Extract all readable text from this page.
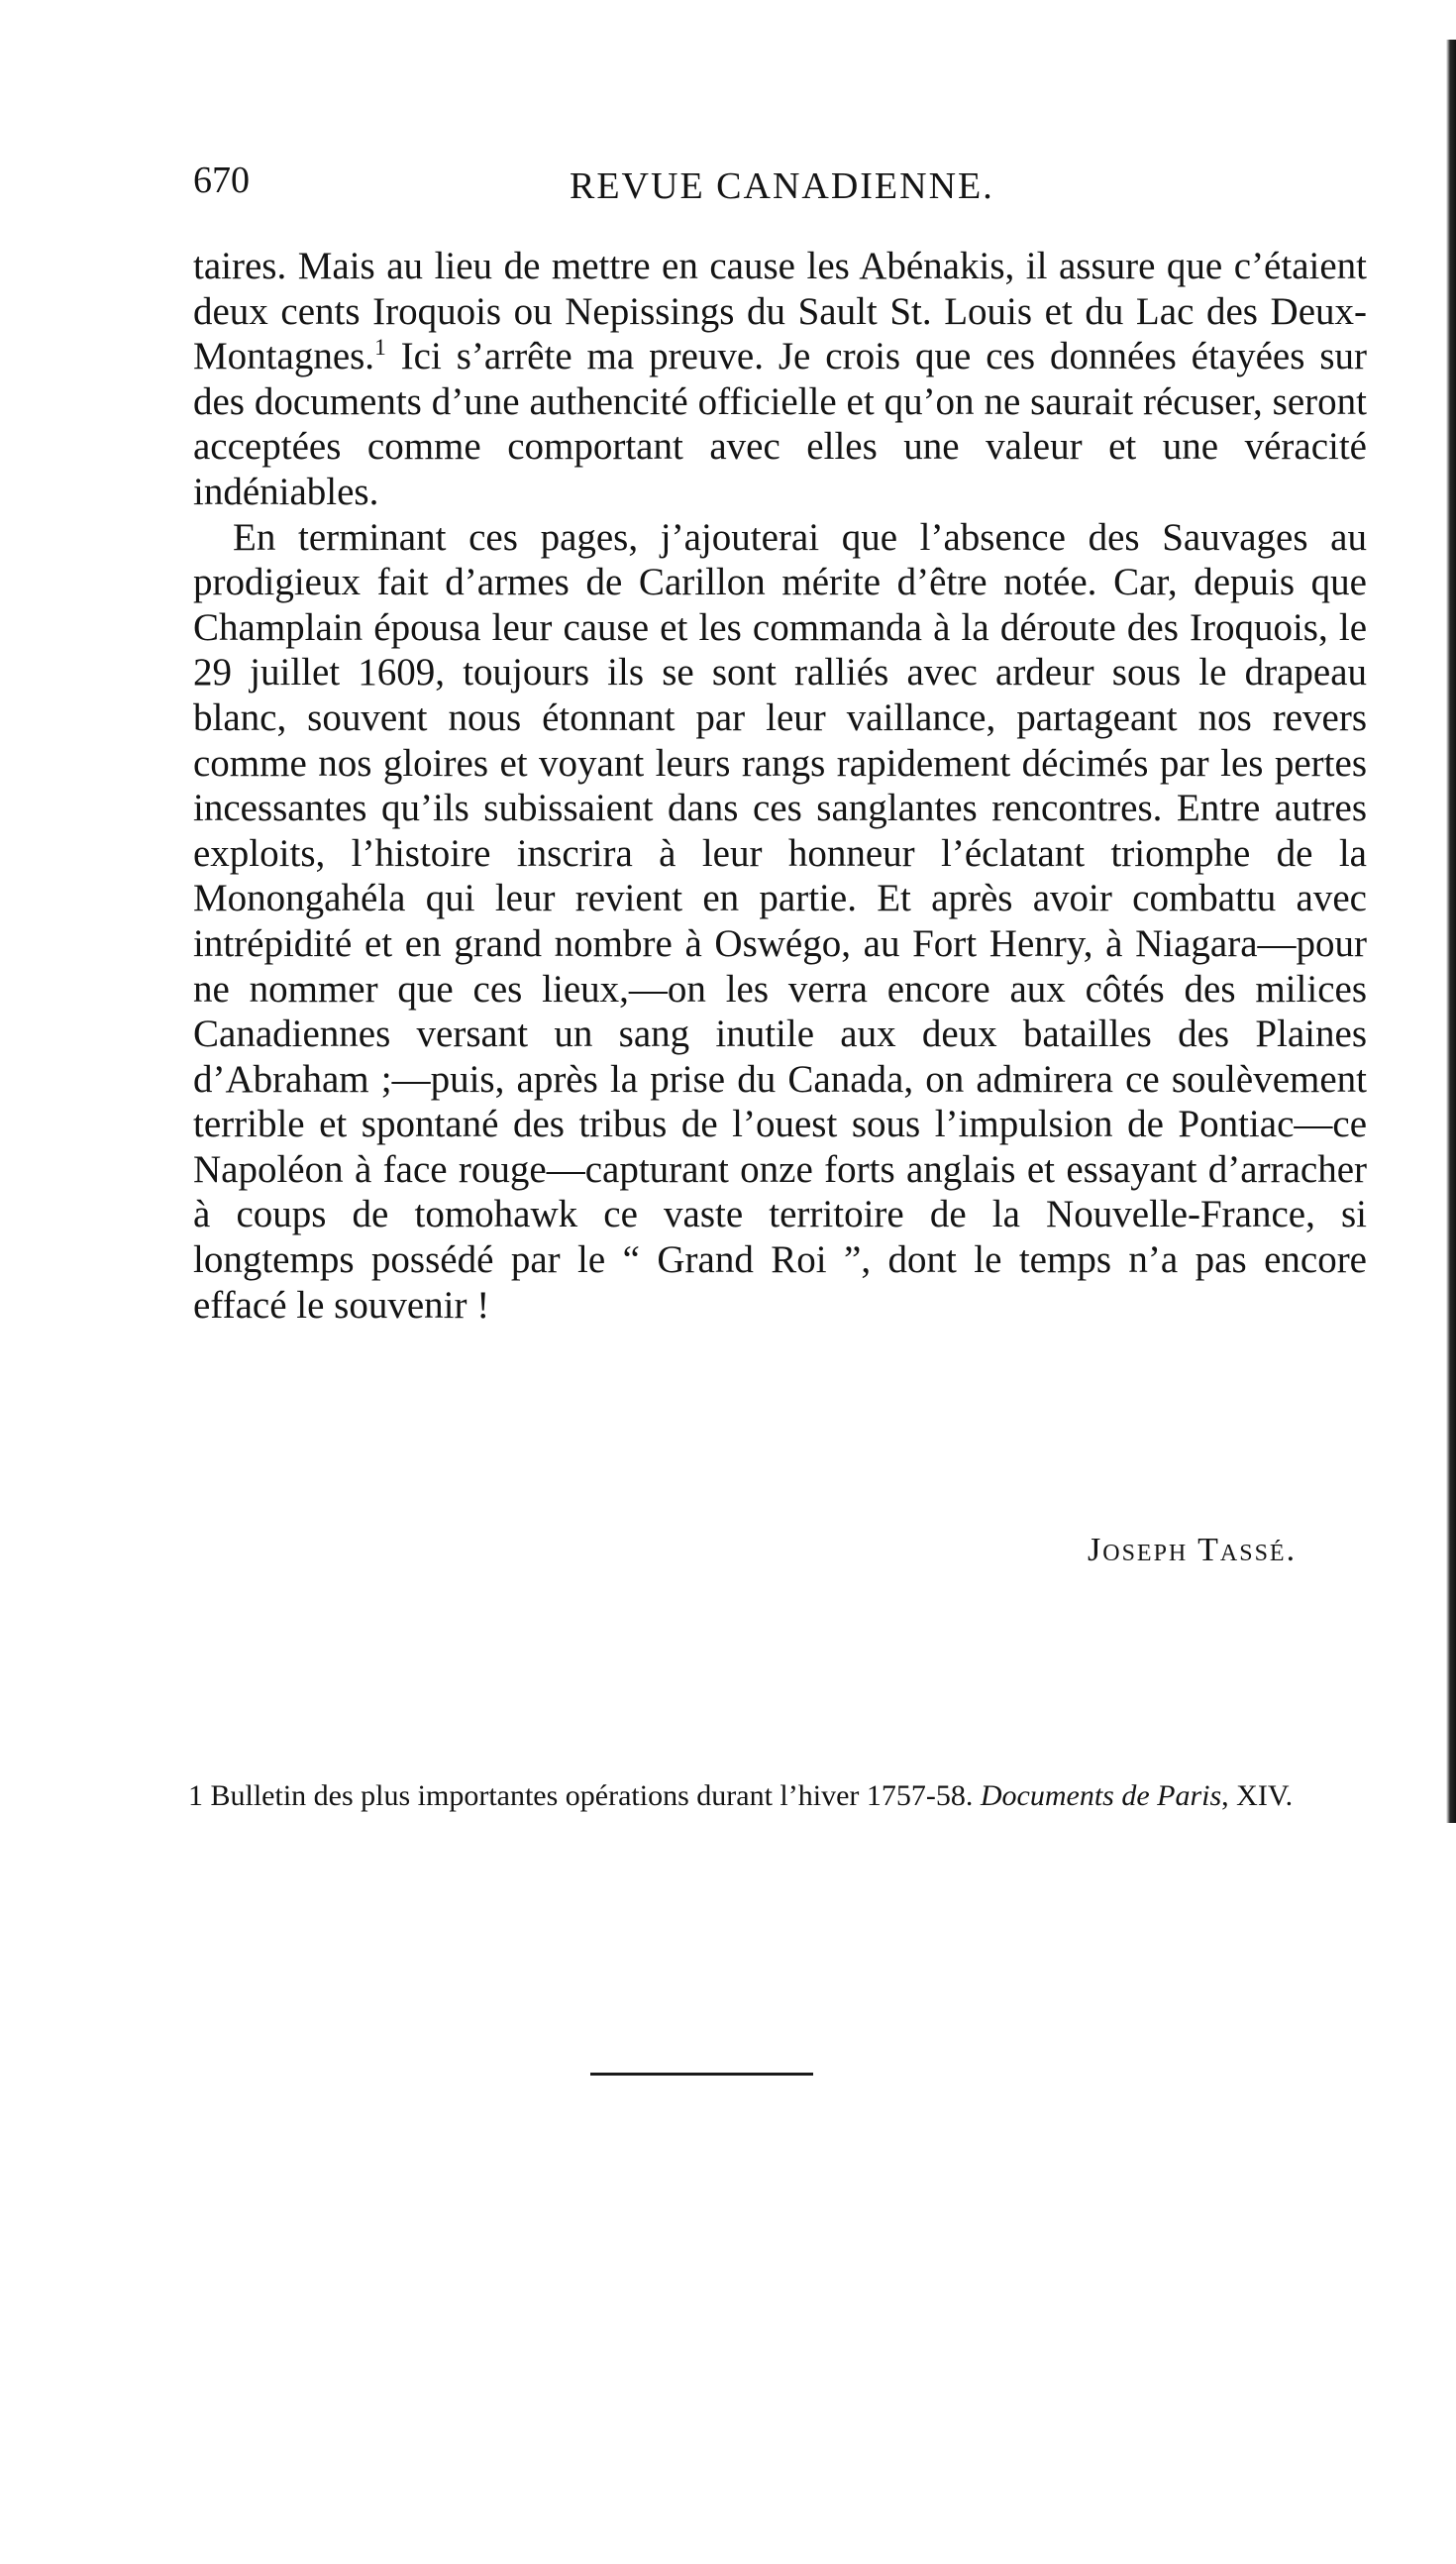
670	REVUE CANADIENNE.

taires. Mais au lieu de mettre en cause les Abénakis, il assure que c’étaient deux cents Iroquois ou Nepissings du Sault St. Louis et du Lac des Deux-Montagnes.$^1$ Ici s’arrête ma preuve. Je crois que ces données étayées sur des documents d’une authencité officielle et qu’on ne saurait récuser, seront acceptées comme comportant avec elles une valeur et une véracité indéniables.

En terminant ces pages, j’ajouterai que l’absence des Sauvages au prodigieux fait d’armes de Carillon mérite d’être notée. Car, depuis que Champlain épousa leur cause et les commanda à la déroute des Iroquois, le 29 juillet 1609, toujours ils se sont ralliés avec ardeur sous le drapeau blanc, souvent nous étonnant par leur vaillance, partageant nos revers comme nos gloires et voyant leurs rangs rapidement décimés par les pertes incessantes qu’ils subissaient dans ces sanglantes rencontres. Entre autres exploits, l’histoire inscrira à leur honneur l’éclatant triomphe de la Monongahéla qui leur revient en partie. Et après avoir combattu avec intrépidité et en grand nombre à Oswégo, au Fort Henry, à Niagara—pour ne nommer que ces lieux,—on les verra encore aux côtés des milices Canadiennes versant un sang inutile aux deux batailles des Plaines d’Abraham ;—puis, après la prise du Canada, on admirera ce soulèvement terrible et spontané des tribus de l’ouest sous l’impulsion de Pontiac—ce Napoléon à face rouge—capturant onze forts anglais et essayant d’arracher à coups de tomohawk ce vaste territoire de la Nouvelle-France, si longtemps possédé par le “ Grand Roi ”, dont le temps n’a pas encore effacé le souvenir !

Joseph Tassé.
1 Bulletin des plus importantes opérations durant l’hiver 1757-58. Documents de Paris, XIV.
